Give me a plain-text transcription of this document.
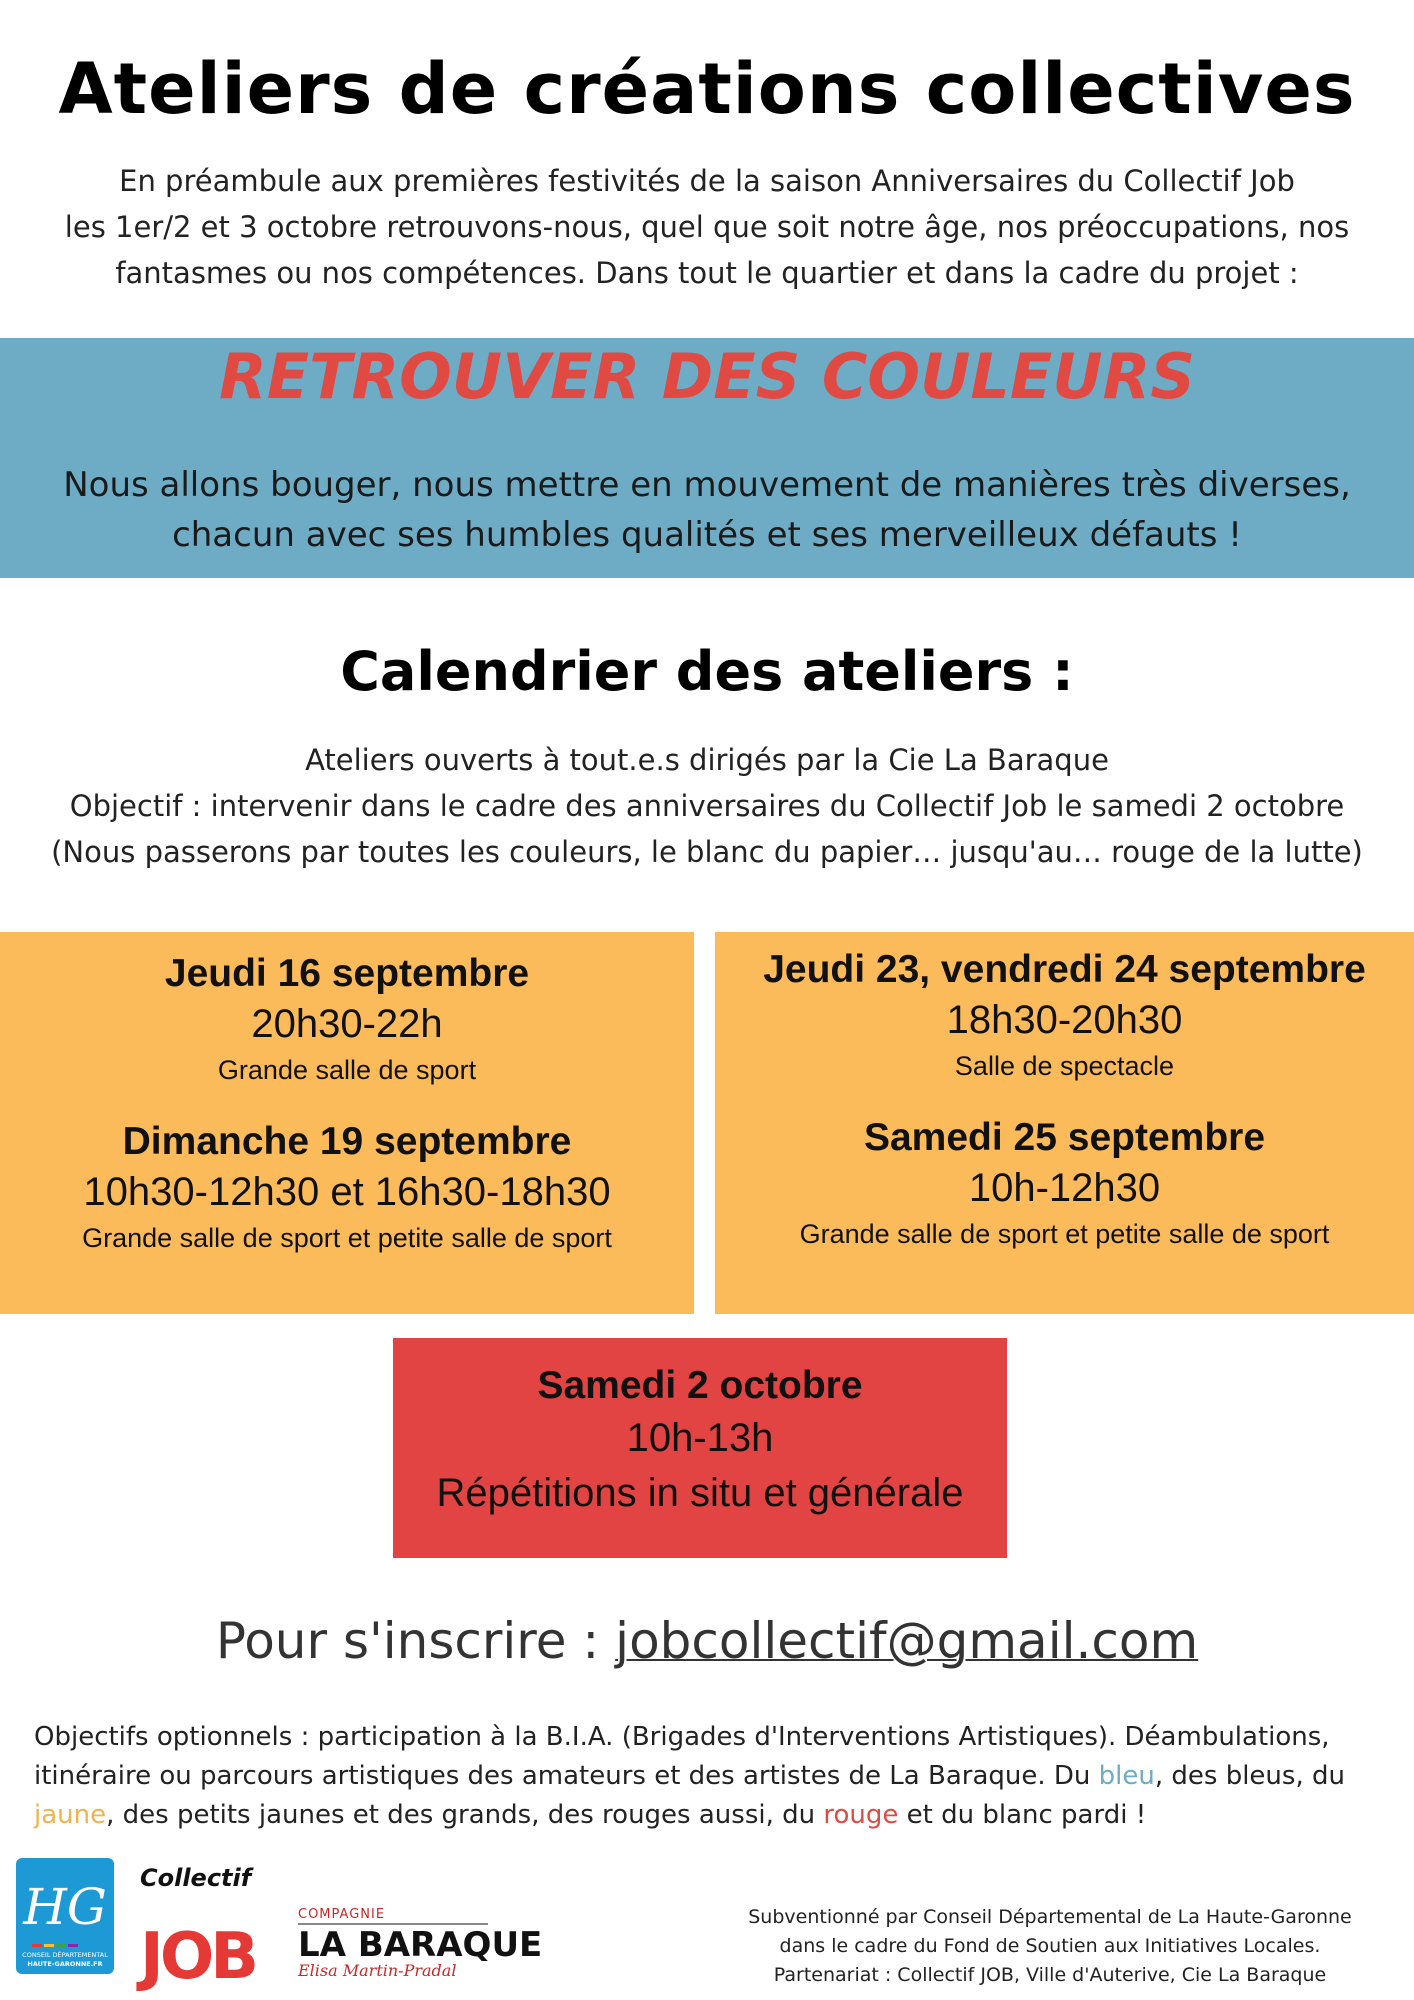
Ateliers de créations collectives
En préambule aux premières festivités de la saison Anniversaires du Collectif Job
les 1er/2 et 3 octobre retrouvons-nous, quel que soit notre âge, nos préoccupations, nos
fantasmes ou nos compétences. Dans tout le quartier et dans la cadre du projet :
RETROUVER DES COULEURS
Nous allons bouger, nous mettre en mouvement de manières très diverses,
chacun avec ses humbles qualités et ses merveilleux défauts !
Calendrier des ateliers :
Ateliers ouverts à tout.e.s dirigés par la Cie La Baraque
Objectif : intervenir dans le cadre des anniversaires du Collectif Job le samedi 2 octobre
(Nous passerons par toutes les couleurs, le blanc du papier… jusqu'au… rouge de la lutte)
Jeudi 16 septembre
20h30-22h
Grande salle de sport
Dimanche 19 septembre
10h30-12h30 et 16h30-18h30
Grande salle de sport et petite salle de sport
Jeudi 23, vendredi 24 septembre
18h30-20h30
Salle de spectacle
Samedi 25 septembre
10h-12h30
Grande salle de sport et petite salle de sport
Samedi 2 octobre
10h-13h
Répétitions in situ et générale
Pour s'inscrire : jobcollectif@gmail.com
Objectifs optionnels : participation à la B.I.A. (Brigades d'Interventions Artistiques). Déambulations,
itinéraire ou parcours artistiques des amateurs et des artistes de La Baraque. Du bleu, des bleus, du
jaune, des petits jaunes et des grands, des rouges aussi, du rouge et du blanc pardi !
HG
CONSEIL DÉPARTEMENTAL
HAUTE-GARONNE.FR
Collectif
JOB
COMPAGNIE
LA BARAQUE
Elisa Martin-Pradal
Subventionné par Conseil Départemental de La Haute-Garonne
dans le cadre du Fond de Soutien aux Initiatives Locales.
Partenariat : Collectif JOB, Ville d'Auterive, Cie La Baraque
